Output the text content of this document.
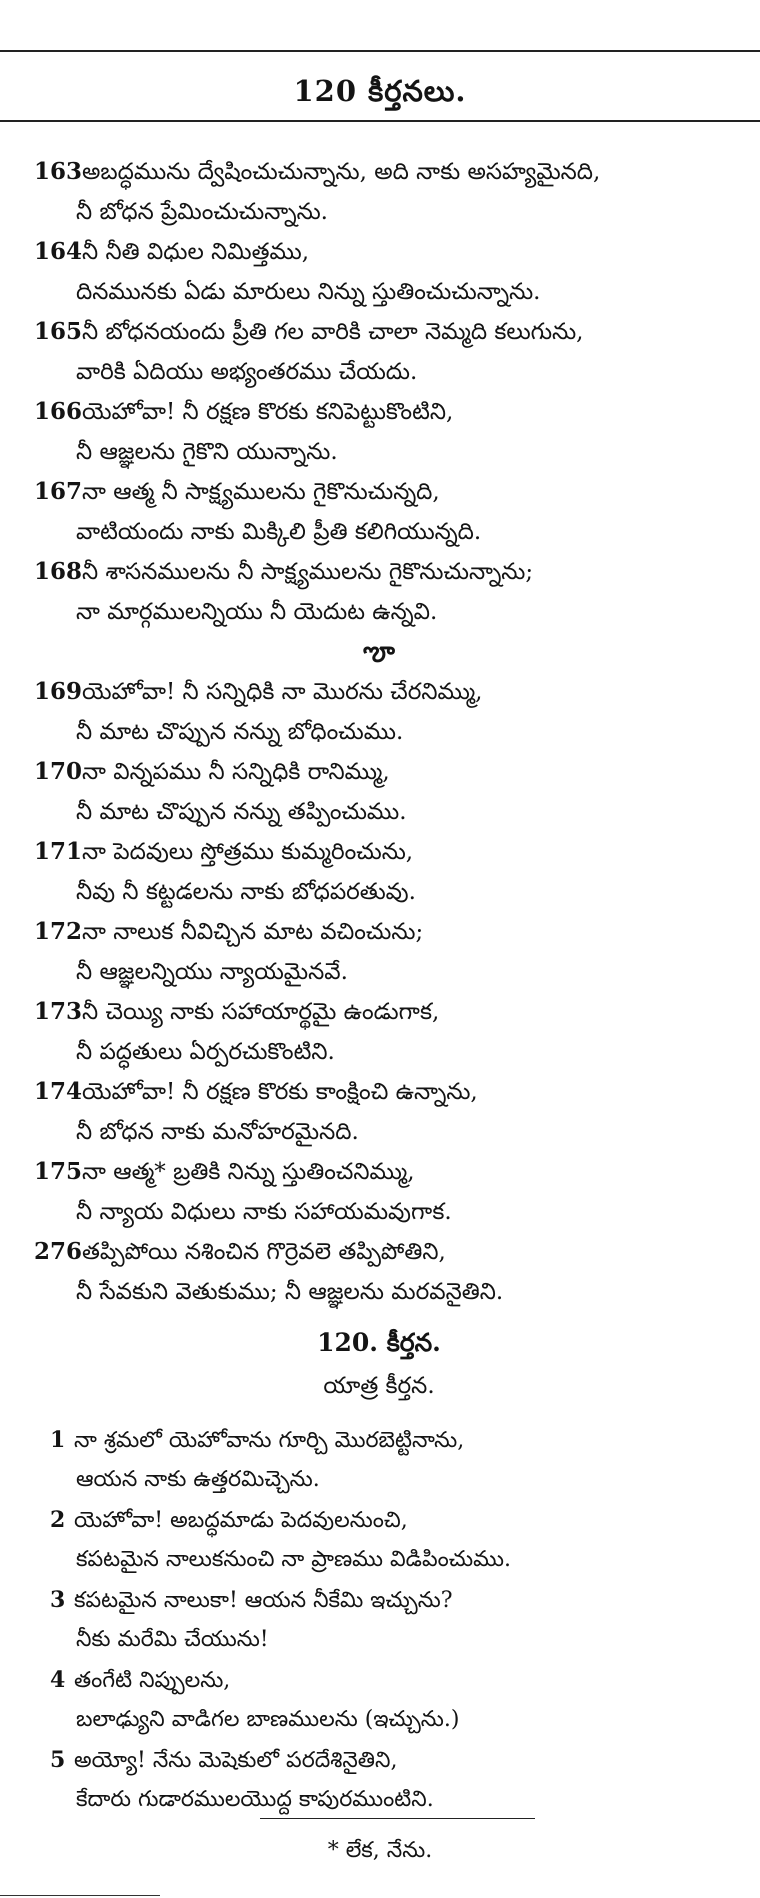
120 కీర్తనలు.
163అబద్ధమును ద్వేషించుచున్నాను, అది నాకు అసహ్యమైనది,
నీ బోధన ప్రేమించుచున్నాను.
164నీ నీతి విధుల నిమిత్తము,
దినమునకు ఏడు మారులు నిన్ను స్తుతించుచున్నాను.
165నీ బోధనయందు ప్రీతి గల వారికి చాలా నెమ్మది కలుగును,
వారికి ఏదియు అభ్యంతరము చేయదు.
166యెహోవా! నీ రక్షణ కొరకు కనిపెట్టుకొంటిని,
నీ ఆజ్ఞలను గైకొని యున్నాను.
167నా ఆత్మ నీ సాక్ష్యములను గైకొనుచున్నది,
వాటియందు నాకు మిక్కిలి ప్రీతి కలిగియున్నది.
168నీ శాసనములను నీ సాక్ష్యములను గైకొనుచున్నాను;
నా మార్గములన్నియు నీ యెదుట ఉన్నవి.
ౡ
169యెహోవా! నీ సన్నిధికి నా మొరను చేరనిమ్ము,
నీ మాట చొప్పున నన్ను బోధించుము.
170నా విన్నపము నీ సన్నిధికి రానిమ్ము,
నీ మాట చొప్పున నన్ను తప్పించుము.
171నా పెదవులు స్తోత్రము కుమ్మరించును,
నీవు నీ కట్టడలను నాకు బోధపరతువు.
172నా నాలుక నీవిచ్చిన మాట వచించును;
నీ ఆజ్ఞలన్నియు న్యాయమైనవే.
173నీ చెయ్యి నాకు సహాయార్థమై ఉండుగాక,
నీ పద్ధతులు ఏర్పరచుకొంటిని.
174యెహోవా! నీ రక్షణ కొరకు కాంక్షించి ఉన్నాను,
నీ బోధన నాకు మనోహరమైనది.
175నా ఆత్మ* బ్రతికి నిన్ను స్తుతించనిమ్ము,
నీ న్యాయ విధులు నాకు సహాయమవుగాక.
276తప్పిపోయి నశించిన గొర్రెవలె తప్పిపోతిని,
నీ సేవకుని వెతుకుము; నీ ఆజ్ఞలను మరవనైతిని.
120. కీర్తన.
యాత్ర కీర్తన.
1 నా శ్రమలో యెహోవాను గూర్చి మొరబెట్టినాను,
ఆయన నాకు ఉత్తరమిచ్చెను.
2 యెహోవా! అబద్ధమాడు పెదవులనుంచి,
కపటమైన నాలుకనుంచి నా ప్రాణము విడిపించుము.
3 కపటమైన నాలుకా! ఆయన నీకేమి ఇచ్చును?
నీకు మరేమి చేయును!
4 తంగేటి నిప్పులను,
బలాఢ్యుని వాడిగల బాణములను (ఇచ్చును.)
5 అయ్యో! నేను మెషెకులో పరదేశినైతిని,
కేదారు గుడారములయొద్ద కాపురముంటిని.
* లేక, నేను.
